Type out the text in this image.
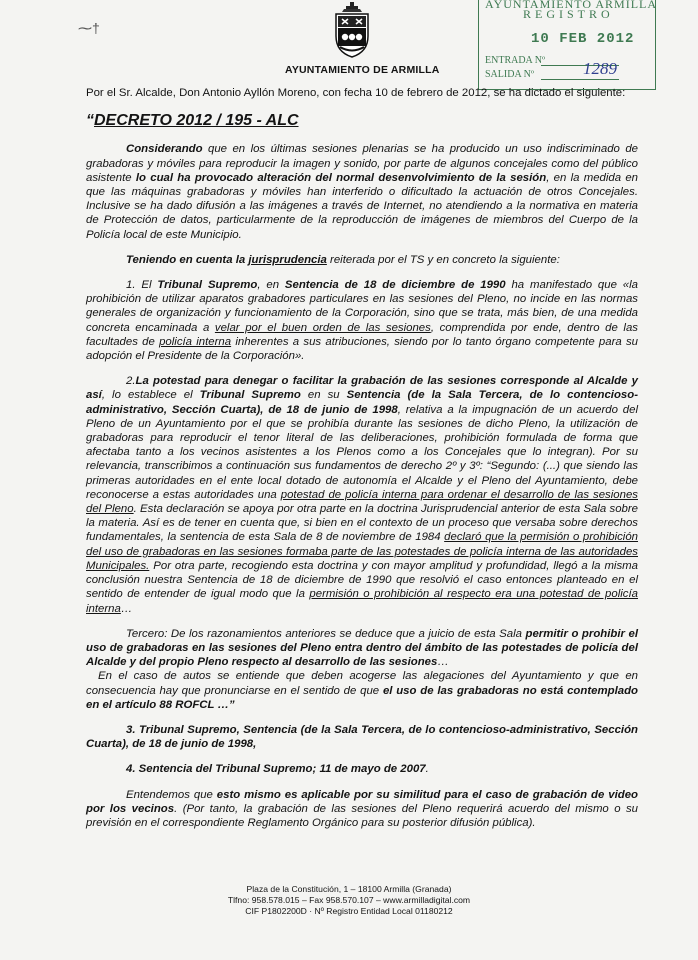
⁓†
AYUNTAMIENTO DE ARMILLA
AYUNTAMIENTO ARMILLA
REGISTRO
10 FEB 2012
ENTRADA Nº
SALIDA Nº	1289

Por el Sr. Alcalde, Don Antonio Ayllón Moreno, con fecha 10 de febrero de 2012, se ha dictado el siguiente:

“DECRETO 2012 / 195 - ALC

Considerando que en los últimas sesiones plenarias se ha producido un uso indiscriminado de grabadoras y móviles para reproducir la imagen y sonido, por parte de algunos concejales como del público asistente lo cual ha provocado alteración del normal desenvolvimiento de la sesión, en la medida en que las máquinas grabadoras y móviles han interferido o dificultado la actuación de otros Concejales. Inclusive se ha dado difusión a las imágenes a través de Internet, no atendiendo a la normativa en materia de Protección de datos, particularmente de la reproducción de imágenes de miembros del Cuerpo de la Policía local de este Municipio.

Teniendo en cuenta la jurisprudencia reiterada por el TS y en concreto la siguiente:

1. El Tribunal Supremo, en Sentencia de 18 de diciembre de 1990 ha manifestado que «la prohibición de utilizar aparatos grabadores particulares en las sesiones del Pleno, no incide en las normas generales de organización y funcionamiento de la Corporación, sino que se trata, más bien, de una medida concreta encaminada a velar por el buen orden de las sesiones, comprendida por ende, dentro de las facultades de policía interna inherentes a sus atribuciones, siendo por lo tanto órgano competente para su adopción el Presidente de la Corporación».

2.La potestad para denegar o facilitar la grabación de las sesiones corresponde al Alcalde y así, lo establece el Tribunal Supremo en su Sentencia (de la Sala Tercera, de lo contencioso-administrativo, Sección Cuarta), de 18 de junio de 1998, relativa a la impugnación de un acuerdo del Pleno de un Ayuntamiento por el que se prohibía durante las sesiones de dicho Pleno, la utilización de grabadoras para reproducir el tenor literal de las deliberaciones, prohibición formulada de forma que afectaba tanto a los vecinos asistentes a los Plenos como a los Concejales que lo integran). Por su relevancia, transcribimos a continuación sus fundamentos de derecho 2º y 3º: “Segundo: (...) que siendo las primeras autoridades en el ente local dotado de autonomía el Alcalde y el Pleno del Ayuntamiento, debe reconocerse a estas autoridades una potestad de policía interna para ordenar el desarrollo de las sesiones del Pleno. Esta declaración se apoya por otra parte en la doctrina Jurisprudencial anterior de esta Sala sobre la materia. Así es de tener en cuenta que, si bien en el contexto de un proceso que versaba sobre derechos fundamentales, la sentencia de esta Sala de 8 de noviembre de 1984 declaró que la permisión o prohibición del uso de grabadoras en las sesiones formaba parte de las potestades de policía interna de las autoridades Municipales. Por otra parte, recogiendo esta doctrina y con mayor amplitud y profundidad, llegó a la misma conclusión nuestra Sentencia de 18 de diciembre de 1990 que resolvió el caso entonces planteado en el sentido de entender de igual modo que la permisión o prohibición al respecto era una potestad de policía interna…

Tercero: De los razonamientos anteriores se deduce que a juicio de esta Sala permitir o prohibir el uso de grabadoras en las sesiones del Pleno entra dentro del ámbito de las potestades de policía del Alcalde y del propio Pleno respecto al desarrollo de las sesiones…

En el caso de autos se entiende que deben acogerse las alegaciones del Ayuntamiento y que en consecuencia hay que pronunciarse en el sentido de que el uso de las grabadoras no está contemplado en el artículo 88 ROFCL …”

3. Tribunal Supremo, Sentencia (de la Sala Tercera, de lo contencioso-administrativo, Sección Cuarta), de 18 de junio de 1998,

4. Sentencia del Tribunal Supremo; 11 de mayo de 2007.

Entendemos que esto mismo es aplicable por su similitud para el caso de grabación de video por los vecinos. (Por tanto, la grabación de las sesiones del Pleno requerirá acuerdo del mismo o su previsión en el correspondiente Reglamento Orgánico para su posterior difusión pública).

Plaza de la Constitución, 1 – 18100 Armilla (Granada)
Tlfno: 958.578.015 – Fax 958.570.107 – www.armilladigital.com
CIF P1802200D · Nº Registro Entidad Local 01180212
